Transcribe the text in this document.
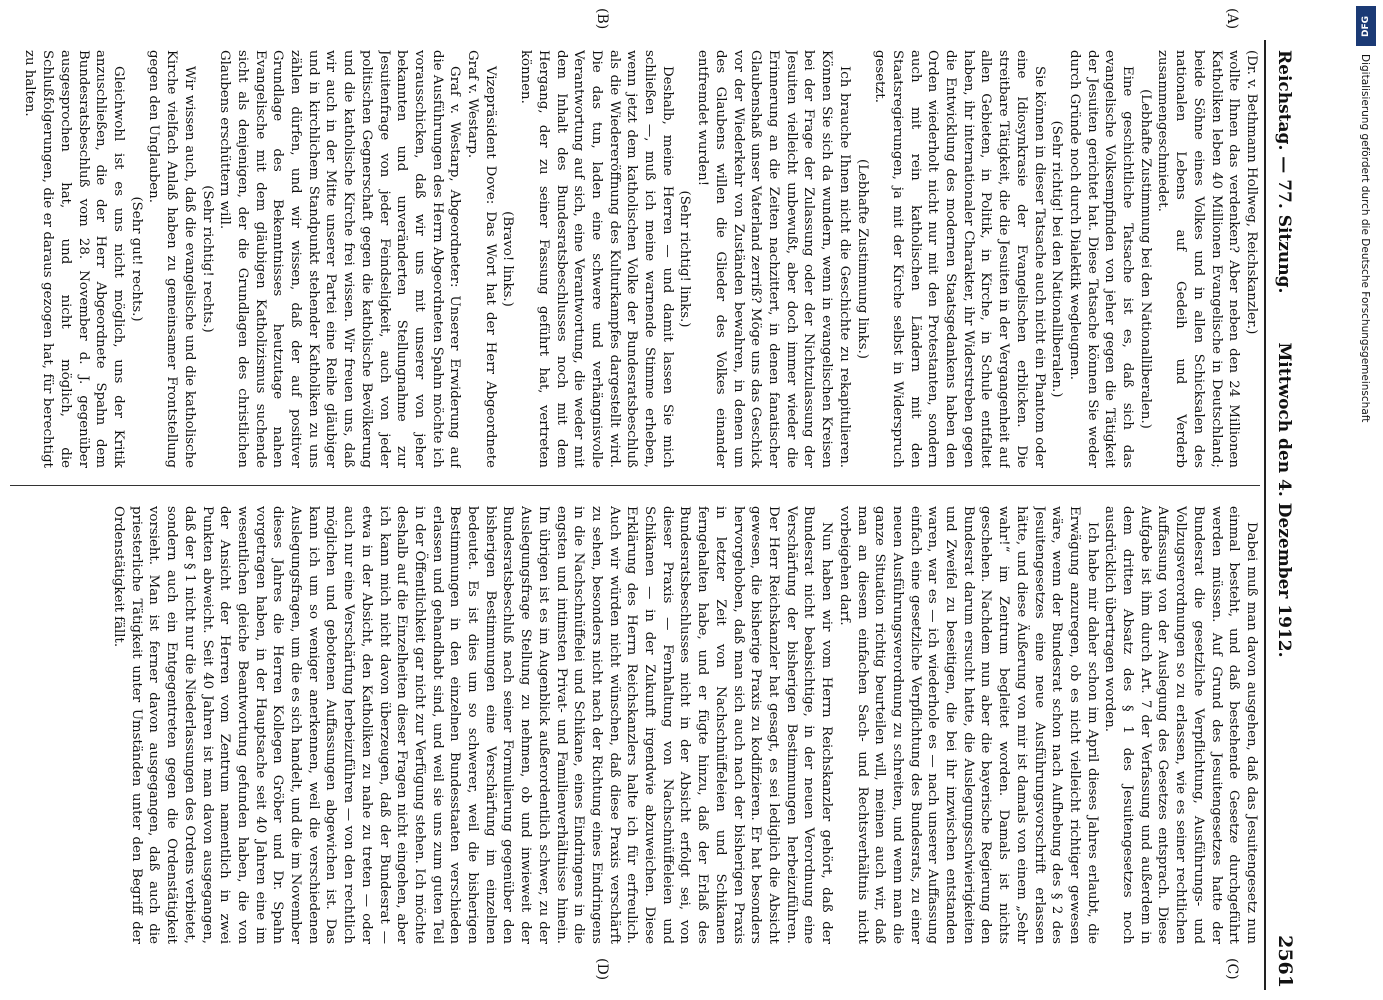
Reichstag. — 77. Sitzung.
Mittwoch den 4. Dezember 1912.
2561
(A)
(B)
(C)
(D)

(Dr. v. Bethmann Hollweg, Reichskanzler.)

wollte Ihnen das verdenken? Aber neben den 24 Millionen Katholiken leben 40 Millionen Evangelische in Deutschland; beide Söhne eines Volkes und in allen Schicksalen des nationalen Lebens auf Gedeih und Verderb zusammengeschmiedet.

(Lebhafte Zustimmung bei den Nationalliberalen.)

Eine geschichtliche Tatsache ist es, daß sich das evangelische Volksempfinden von jeher gegen die Tätigkeit der Jesuiten gerichtet hat. Diese Tatsache können Sie weder durch Gründe noch durch Dialektik wegleugnen.

(Sehr richtig! bei den Nationalliberalen.)

Sie können in dieser Tatsache auch nicht ein Phantom oder eine Idiosynkrasie der Evangelischen erblicken. Die streitbare Tätigkeit, die die Jesuiten in der Vergangenheit auf allen Gebieten, in Politik, in Kirche, in Schule entfaltet haben, ihr internationaler Charakter, ihr Widerstreben gegen die Entwicklung des modernen Staatsgedankens haben den Orden wiederholt nicht nur mit den Protestanten, sondern auch mit rein katholischen Ländern mit den Staatsregierungen, ja mit der Kirche selbst in Widerspruch gesetzt.

(Lebhafte Zustimmung links.)

Ich brauche Ihnen nicht die Geschichte zu rekapitulieren. Können Sie sich da wundern, wenn in evangelischen Kreisen bei der Frage der Zulassung oder der Nichtzulassung der Jesuiten vielleicht unbewußt, aber doch immer wieder die Erinnerung an die Zeiten nachzittert, in denen fanatischer Glaubenshaß unser Vaterland zerriß? Möge uns das Geschick vor der Wiederkehr von Zuständen bewahren, in denen um des Glaubens willen die Glieder des Volkes einander entfremdet wurden!

(Sehr richtig! links.)

Deshalb, meine Herren — und damit lassen Sie mich schließen —, muß ich meine warnende Stimme erheben, wenn jetzt dem katholischen Volke der Bundesratsbeschluß als die Wiedereröffnung des Kulturkampfes dargestellt wird. Die das tun, laden eine schwere und verhängnisvolle Verantwortung auf sich, eine Verantwortung, die weder mit dem Inhalt des Bundesratsbeschlusses noch mit dem Hergang, der zu seiner Fassung geführt hat, vertreten können.

(Bravo! links.)

Vizepräsident Dove: Das Wort hat der Herr Abgeordnete Graf v. Westarp.

Graf v. Westarp, Abgeordneter: Unserer Erwiderung auf die Ausführungen des Herrn Abgeordneten Spahn möchte ich vorausschicken, daß wir uns mit unserer von jeher bekannten und unveränderten Stellungnahme zur Jesuitenfrage von jeder Feindseligkeit, auch von jeder politischen Gegnerschaft gegen die katholische Bevölkerung und die katholische Kirche frei wissen. Wir freuen uns, daß wir auch in der Mitte unserer Partei eine Reihe gläubiger und in kirchlichem Standpunkt stehender Katholiken zu uns zählen dürfen, und wir wissen, daß der auf positiver Grundlage des Bekenntnisses heutzutage nahen Evangelische mit dem gläubigen Katholizismus suchende sicht als denjenigen, der die Grundlagen des christlichen Glaubens erschüttern will.

(Sehr richtig! rechts.)

Wir wissen auch, daß die evangelische und die katholische Kirche vielfach Anlaß haben zu gemeinsamer Frontstellung gegen den Unglauben.

(Sehr gut! rechts.)

Gleichwohl ist es uns nicht möglich, uns der Kritik anzuschließen, die der Herr Abgeordnete Spahn dem Bundesratsbeschluß vom 28. November d. J. gegenüber ausgesprochen hat, und nicht möglich, die Schlußfolgerungen, die er daraus gezogen hat, für berechtigt zu halten.

Dabei muß man davon ausgehen, daß das Jesuitengesetz nun einmal besteht, und daß bestehende Gesetze durchgeführt werden müssen. Auf Grund des Jesuitengesetzes hatte der Bundesrat die gesetzliche Verpflichtung, Ausführungs- und Vollzugsverordnungen so zu erlassen, wie es seiner rechtlichen Auffassung von der Auslegung des Gesetzes entsprach. Diese Aufgabe ist ihm durch Art. 7 der Verfassung und außerdem in dem dritten Absatz des § 1 des Jesuitengesetzes noch ausdrücklich übertragen worden.

Ich habe mir daher schon im April dieses Jahres erlaubt, die Erwägung anzuregen, ob es nicht vielleicht richtiger gewesen wäre, wenn der Bundesrat schon nach Aufhebung des § 2 des Jesuitengesetzes eine neue Ausführungsvorschrift erlassen hätte, und diese Äußerung von mir ist damals von einem „Sehr wahr!“ im Zentrum begleitet worden. Damals ist nichts geschehen. Nachdem nun aber die bayerische Regierung den Bundesrat darum ersucht hatte, die Auslegungsschwierigkeiten und Zweifel zu beseitigen, die bei ihr inzwischen entstanden waren, war es — ich wiederhole es — nach unserer Auffassung einfach eine gesetzliche Verpflichtung des Bundesrats, zu einer neuen Ausführungsverordnung zu schreiten, und wenn man die ganze Situation richtig beurteilen will, meinen auch wir, daß man an diesem einfachen Sach- und Rechtsverhältnis nicht vorbeigehen darf.

Nun haben wir vom Herrn Reichskanzler gehört, daß der Bundesrat nicht beabsichtige, in der neuen Verordnung eine Verschärfung der bisherigen Bestimmungen herbeizuführen. Der Herr Reichskanzler hat gesagt, es sei lediglich die Absicht gewesen, die bisherige Praxis zu kodifizieren. Er hat besonders hervorgehoben, daß man sich auch nach der bisherigen Praxis in letzter Zeit von Nachschnüffeleien und Schikanen ferngehalten habe, und er fügte hinzu, daß der Erlaß des Bundesratsbeschlusses nicht in der Absicht erfolgt sei, von dieser Praxis — Fernhaltung von Nachschnüffeleien und Schikanen — in der Zukunft irgendwie abzuweichen. Diese Erklärung des Herrn Reichskanzlers halte ich für erfreulich. Auch wir würden nicht wünschen, daß diese Praxis verschärft zu sehen, besonders nicht nach der Richtung eines Eindringens in die Nachschnüffelei und Schikane, eines Eindringens in die engsten und intimsten Privat- und Familienverhältnisse hinein. Im übrigen ist es im Augenblick außerordentlich schwer, zu der Auslegungsfrage Stellung zu nehmen, ob und inwieweit der Bundesratsbeschluß nach seiner Formulierung gegenüber den bisherigen Bestimmungen eine Verschärfung im einzelnen bedeutet. Es ist dies um so schwerer, weil die bisherigen Bestimmungen in den einzelnen Bundesstaaten verschieden erlassen und gehandhabt sind, und weil sie uns zum guten Teil in der Öffentlichkeit gar nicht zur Verfügung stehen. Ich möchte deshalb auf die Einzelheiten dieser Fragen nicht eingehen, aber ich kann mich nicht davon überzeugen, daß der Bundesrat — etwa in der Absicht, den Katholiken zu nahe zu treten — oder auch nur eine Verschärfung herbeizuführen — von den rechtlich möglichen und gebotenen Auffassungen abgewichen ist. Das kann ich um so weniger anerkennen, weil die verschiedenen Auslegungsfragen, um die es sich handelt, und die im November dieses Jahres die Herren Kollegen Gröber und Dr. Spahn vorgetragen haben, in der Hauptsache seit 40 Jahren eine im wesentlichen gleiche Beantwortung gefunden haben, die von der Ansicht der Herren vom Zentrum namentlich in zwei Punkten abweicht. Seit 40 Jahren ist man davon ausgegangen, daß der § 1 nicht nur die Niederlassungen des Ordens verbietet, sondern auch ein Entgegentreten gegen die Ordenstätigkeit vorsieht. Man ist ferner davon ausgegangen, daß auch die priesterliche Tätigkeit unter Umständen unter den Begriff der Ordenstätigkeit fällt.

DFG
Digitalisierung gefördert durch die Deutsche Forschungsgemeinschaft
